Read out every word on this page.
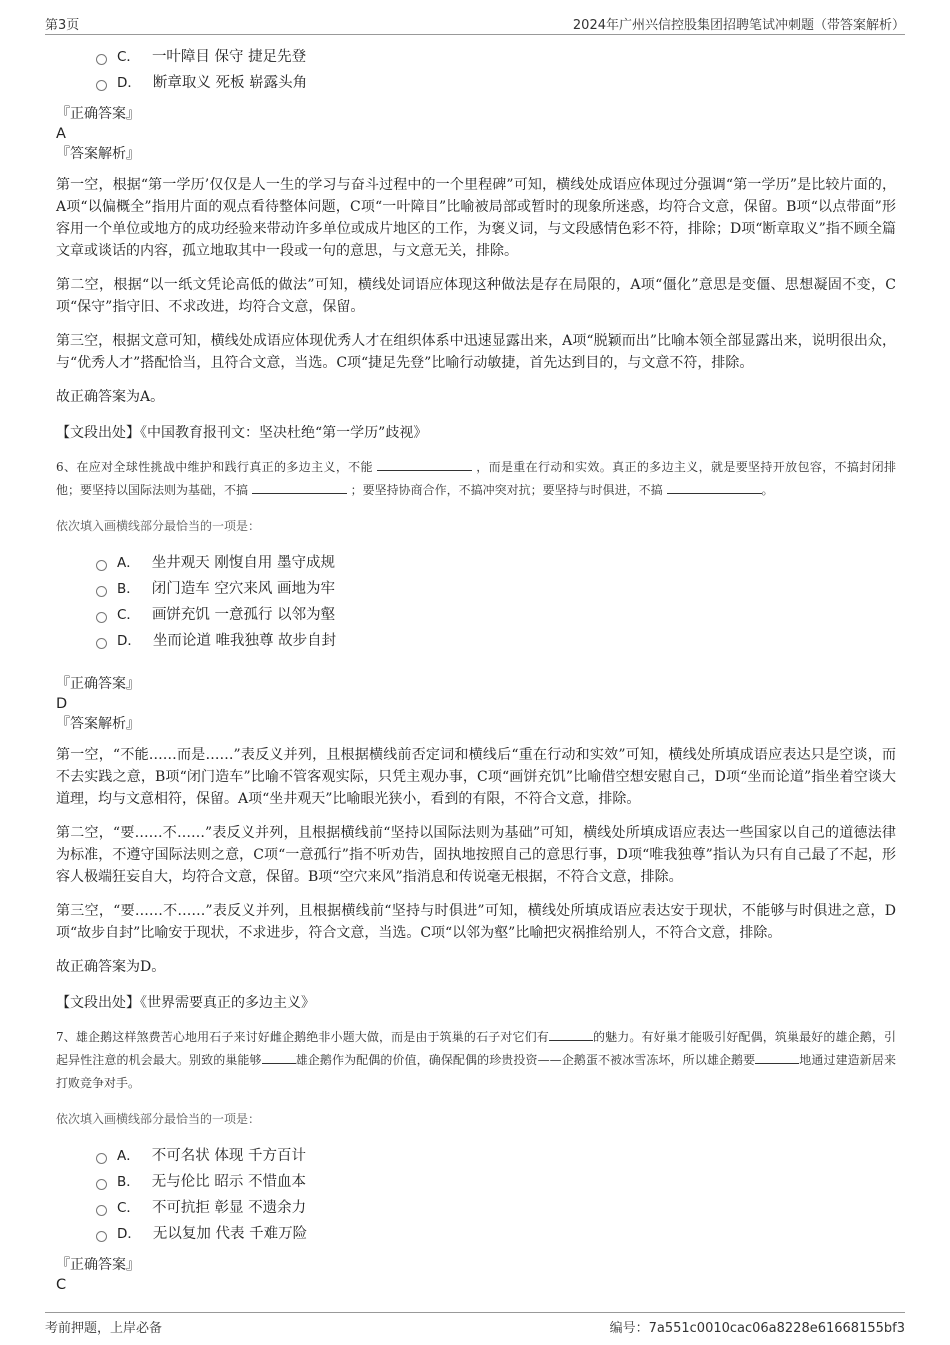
第3页	2024年广州兴信控股集团招聘笔试冲刺题（带答案解析）
C． 一叶障目 保守 捷足先登
D． 断章取义 死板 崭露头角
『正确答案』
A
『答案解析』

第一空，根据“第一学历’仅仅是人一生的学习与奋斗过程中的一个里程碑”可知，横线处成语应体现过分强调“第一学历”是比较片面的，A项“以偏概全”指用片面的观点看待整体问题，C项“一叶障目”比喻被局部或暂时的现象所迷惑，均符合文意，保留。B项“以点带面”形容用一个单位或地方的成功经验来带动许多单位或成片地区的工作，为褒义词，与文段感情色彩不符，排除；D项“断章取义”指不顾全篇文章或谈话的内容，孤立地取其中一段或一句的意思，与文意无关，排除。

第二空，根据“以一纸文凭论高低的做法”可知，横线处词语应体现这种做法是存在局限的，A项“僵化”意思是变僵、思想凝固不变，C项“保守”指守旧、不求改进，均符合文意，保留。

第三空，根据文意可知，横线处成语应体现优秀人才在组织体系中迅速显露出来，A项“脱颖而出”比喻本领全部显露出来，说明很出众，与“优秀人才”搭配恰当，且符合文意，当选。C项“捷足先登”比喻行动敏捷，首先达到目的，与文意不符，排除。

故正确答案为A。

【文段出处】《中国教育报刊文：坚决杜绝“第一学历”歧视》

6、在应对全球性挑战中维护和践行真正的多边主义，不能	，而是重在行动和实效。真正的多边主义，就是要坚持开放包容，不搞封闭排他；要坚持以国际法则为基础，不搞	；要坚持协商合作，不搞冲突对抗；要坚持与时俱进，不搞	。

依次填入画横线部分最恰当的一项是：
A． 坐井观天 刚愎自用 墨守成规
B． 闭门造车 空穴来风 画地为牢
C． 画饼充饥 一意孤行 以邻为壑
D． 坐而论道 唯我独尊 故步自封
『正确答案』
D
『答案解析』

第一空，“不能……而是……”表反义并列，且根据横线前否定词和横线后“重在行动和实效”可知，横线处所填成语应表达只是空谈，而不去实践之意，B项“闭门造车”比喻不管客观实际，只凭主观办事，C项“画饼充饥”比喻借空想安慰自己，D项“坐而论道”指坐着空谈大道理，均与文意相符，保留。A项“坐井观天”比喻眼光狭小，看到的有限，不符合文意，排除。

第二空，“要……不……”表反义并列，且根据横线前“坚持以国际法则为基础”可知，横线处所填成语应表达一些国家以自己的道德法律为标准，不遵守国际法则之意，C项“一意孤行”指不听劝告，固执地按照自己的意思行事，D项“唯我独尊”指认为只有自己最了不起，形容人极端狂妄自大，均符合文意，保留。B项“空穴来风”指消息和传说毫无根据，不符合文意，排除。

第三空，“要……不……”表反义并列，且根据横线前“坚持与时俱进”可知，横线处所填成语应表达安于现状，不能够与时俱进之意，D项“故步自封”比喻安于现状，不求进步，符合文意，当选。C项“以邻为壑”比喻把灾祸推给别人，不符合文意，排除。

故正确答案为D。

【文段出处】《世界需要真正的多边主义》

7、雄企鹅这样煞费苦心地用石子来讨好雌企鹅绝非小题大做，而是由于筑巢的石子对它们有	的魅力。有好巢才能吸引好配偶，筑巢最好的雄企鹅，引起异性注意的机会最大。别致的巢能够	雄企鹅作为配偶的价值，确保配偶的珍贵投资——企鹅蛋不被冰雪冻坏，所以雄企鹅要	地通过建造新居来打败竞争对手。

依次填入画横线部分最恰当的一项是：
A． 不可名状 体现 千方百计
B． 无与伦比 昭示 不惜血本
C． 不可抗拒 彰显 不遗余力
D． 无以复加 代表 千难万险
『正确答案』
C
考前押题，上岸必备	编号：7a551c0010cac06a8228e61668155bf3
